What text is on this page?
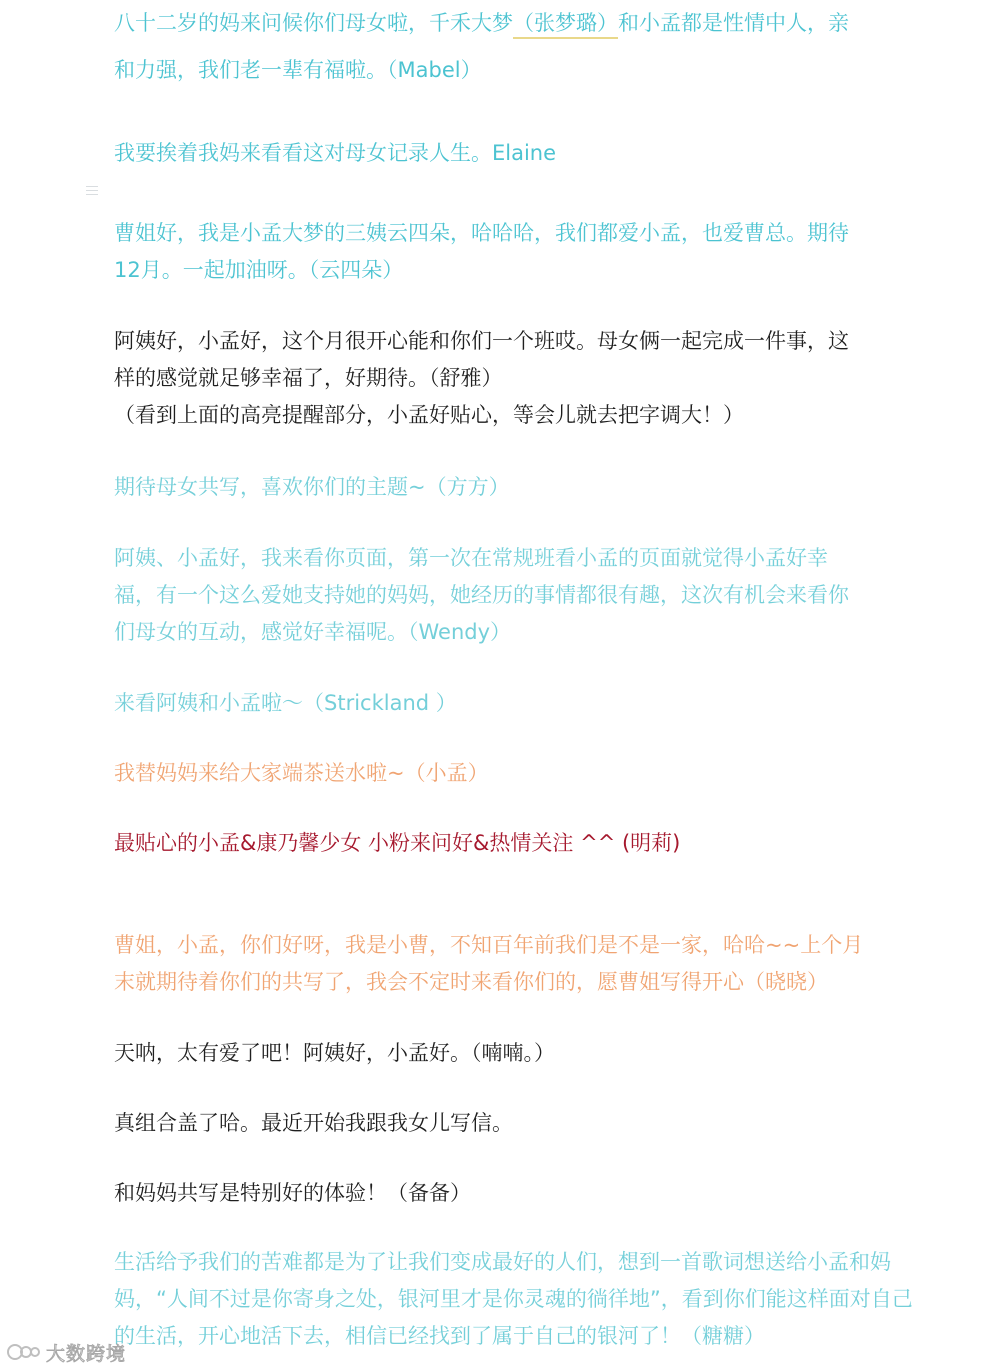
八十二岁的妈来问候你们母女啦，千禾大梦（张梦璐）和小孟都是性情中人，亲
和力强，我们老一辈有福啦。（Mabel）
我要挨着我妈来看看这对母女记录人生。Elaine
曹姐好，我是小孟大梦的三姨云四朵，哈哈哈，我们都爱小孟，也爱曹总。期待
12月。一起加油呀。（云四朵）
阿姨好，小孟好，这个月很开心能和你们一个班哎。母女俩一起完成一件事，这
样的感觉就足够幸福了，好期待。（舒雅）
（看到上面的高亮提醒部分，小孟好贴心，等会儿就去把字调大！）
期待母女共写，喜欢你们的主题~（方方）
阿姨、小孟好，我来看你页面，第一次在常规班看小孟的页面就觉得小孟好幸
福，有一个这么爱她支持她的妈妈，她经历的事情都很有趣，这次有机会来看你
们母女的互动，感觉好幸福呢。（Wendy）
来看阿姨和小孟啦～（Strickland ）
我替妈妈来给大家端茶送水啦~（小孟）
最贴心的小孟&康乃馨少女 小粉来问好&热情关注 ^^ (明莉)
曹姐，小孟，你们好呀，我是小曹，不知百年前我们是不是一家，哈哈~~上个月
末就期待着你们的共写了，我会不定时来看你们的，愿曹姐写得开心（晓晓）
天呐，太有爱了吧！阿姨好，小孟好。（喃喃。）
真组合盖了哈。最近开始我跟我女儿写信。
和妈妈共写是特别好的体验！（备备）
生活给予我们的苦难都是为了让我们变成最好的人们，想到一首歌词想送给小孟和妈
妈，“人间不过是你寄身之处，银河里才是你灵魂的徜徉地”，看到你们能这样面对自己
的生活，开心地活下去，相信已经找到了属于自己的银河了！（糖糖）
大数跨境
